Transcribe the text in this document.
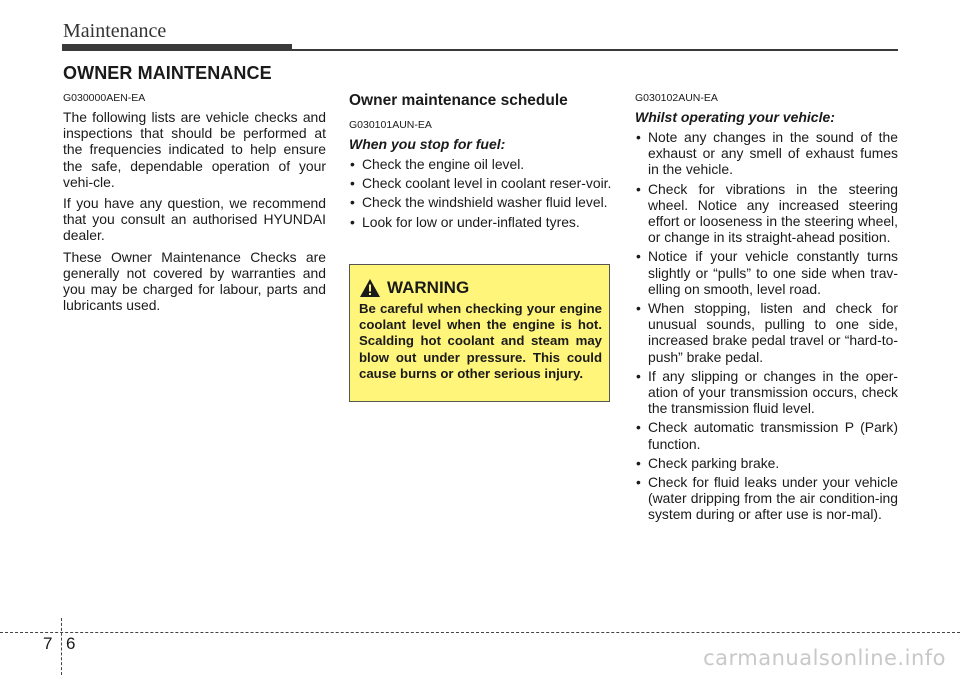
Maintenance
OWNER MAINTENANCE
G030000AEN-EA

The following lists are vehicle checks and inspections that should be performed at the frequencies indicated to help ensure the safe, dependable operation of your vehi-cle.

If you have any question, we recommend that you consult an authorised HYUNDAI dealer.

These Owner Maintenance Checks are generally not covered by warranties and you may be charged for labour, parts and lubricants used.

Owner maintenance schedule
G030101AUN-EA
When you stop for fuel:
• Check the engine oil level.
• Check coolant level in coolant reser-voir.
• Check the windshield washer fluid level.
• Look for low or under-inflated tyres.
WARNING
Be careful when checking your engine coolant level when the engine is hot. Scalding hot coolant and steam may blow out under pressure. This could cause burns or other serious injury.
G030102AUN-EA
Whilst operating your vehicle:
• Note any changes in the sound of the exhaust or any smell of exhaust fumes in the vehicle.
• Check for vibrations in the steering wheel. Notice any increased steering effort or looseness in the steering wheel, or change in its straight-ahead position.
• Notice if your vehicle constantly turns slightly or “pulls” to one side when trav-elling on smooth, level road.
• When stopping, listen and check for unusual sounds, pulling to one side, increased brake pedal travel or “hard-to-push” brake pedal.
• If any slipping or changes in the oper-ation of your transmission occurs, check the transmission fluid level.
• Check automatic transmission P (Park) function.
• Check parking brake.
• Check for fluid leaks under your vehicle (water dripping from the air condition-ing system during or after use is nor-mal).
7 6
carmanualsonline.info
